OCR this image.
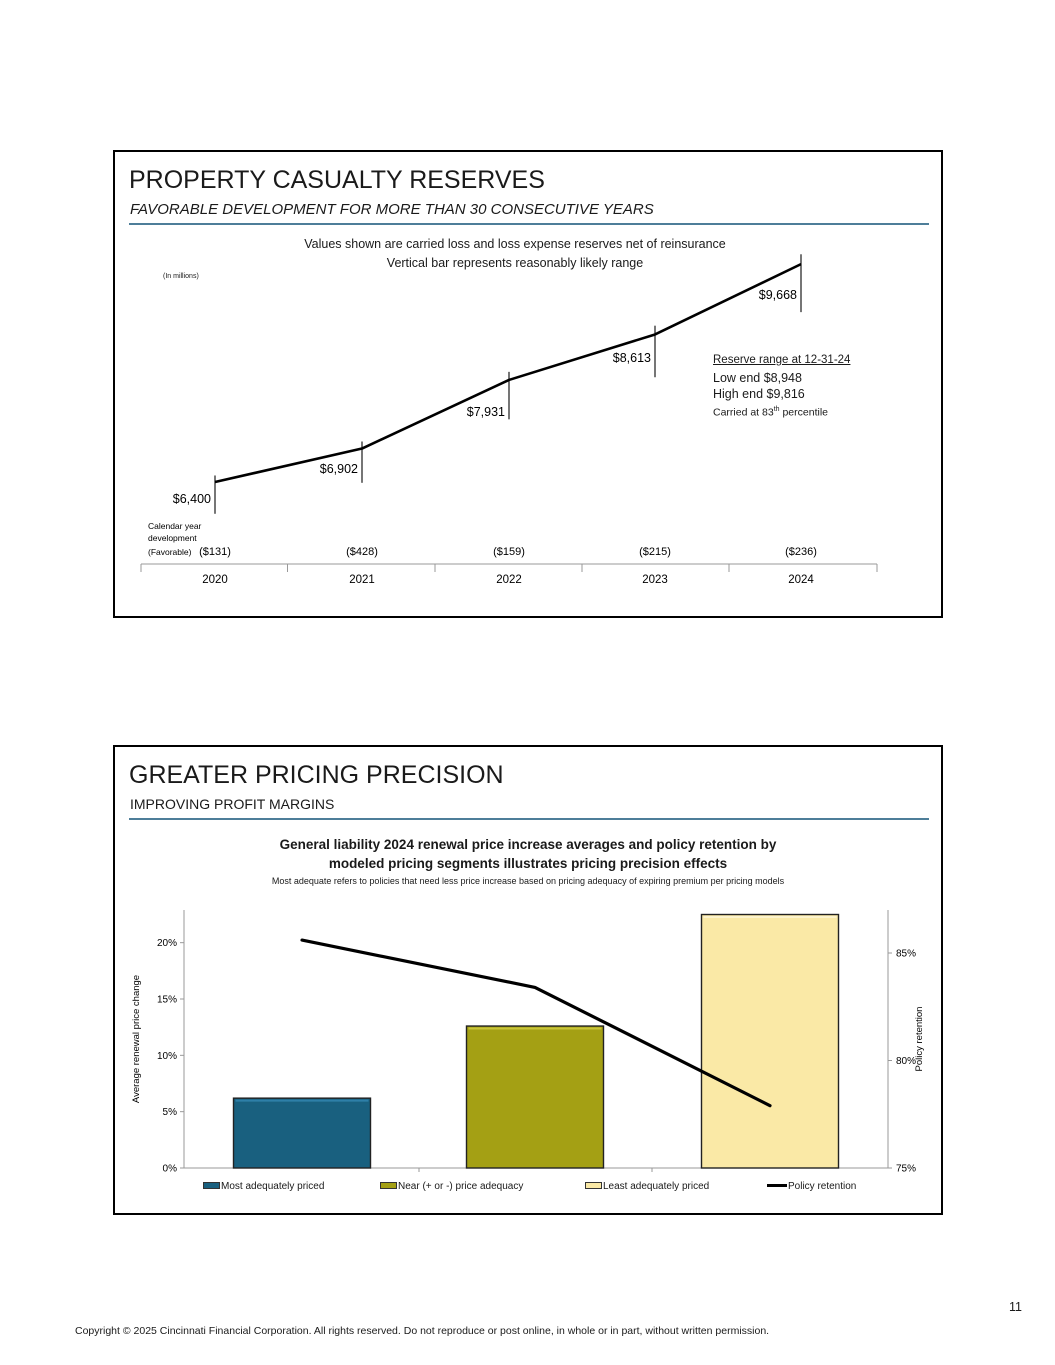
PROPERTY CASUALTY RESERVES
FAVORABLE DEVELOPMENT FOR MORE THAN 30 CONSECUTIVE YEARS
Values shown are carried loss and loss expense reserves net of reinsurance
Vertical bar represents reasonably likely range
(In millions)
$6,400
$6,902
$7,931
$8,613
$9,668
2020	2021	2022	2023	2024
Calendar year
development
(Favorable) ($131)	($428)	($159)	($215)	($236)
Reserve range at 12-31-24
Low end $8,948
High end $9,816
Carried at 83th percentile
GREATER PRICING PRECISION
IMPROVING PROFIT MARGINS
General liability 2024 renewal price increase averages and policy retention by
modeled pricing segments illustrates pricing precision effects
Most adequate refers to policies that need less price increase based on pricing adequacy of expiring premium per pricing models
0%
5%
10%
15%
20%
75%
80%
85%
Average renewal price change	Policy retention
Most adequately priced	Near (+ or -) price adequacy	Least adequately priced	Policy retention
11
Copyright © 2025 Cincinnati Financial Corporation. All rights reserved. Do not reproduce or post online, in whole or in part, without written permission.
